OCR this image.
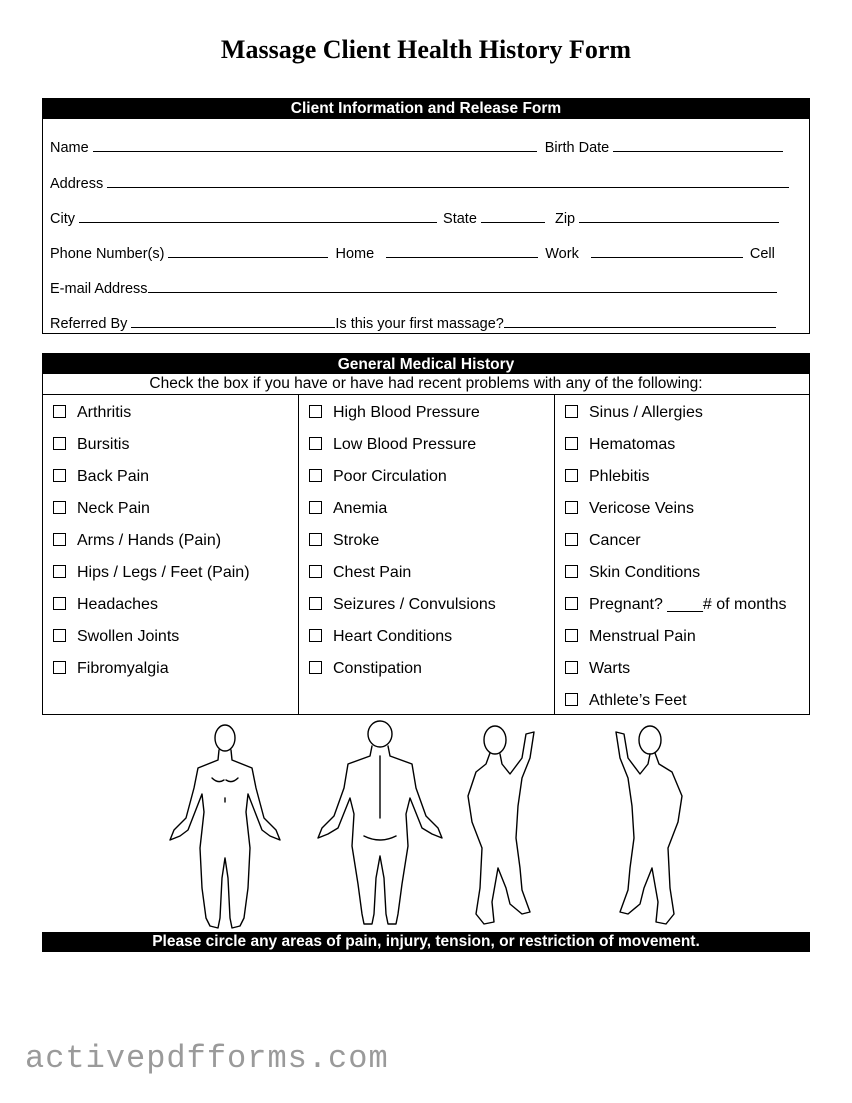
Massage Client Health History Form
Client Information and Release Form
Name	Birth Date
Address
City	State	Zip
Phone Number(s)	Home	Work	Cell
E-mail Address
Referred By	Is this your first massage?
General Medical History
Check the box if you have or have had recent problems with any of the following:
Arthritis
Bursitis
Back Pain
Neck Pain
Arms / Hands (Pain)
Hips / Legs / Feet (Pain)
Headaches
Swollen Joints
Fibromyalgia
High Blood Pressure
Low Blood Pressure
Poor Circulation
Anemia
Stroke
Chest Pain
Seizures / Convulsions
Heart Conditions
Constipation
Sinus / Allergies
Hematomas
Phlebitis
Vericose Veins
Cancer
Skin Conditions
Pregnant? ____# of months
Menstrual Pain
Warts
Athlete’s Feet
Please circle any areas of pain, injury, tension, or restriction of movement.
activepdfforms.com
